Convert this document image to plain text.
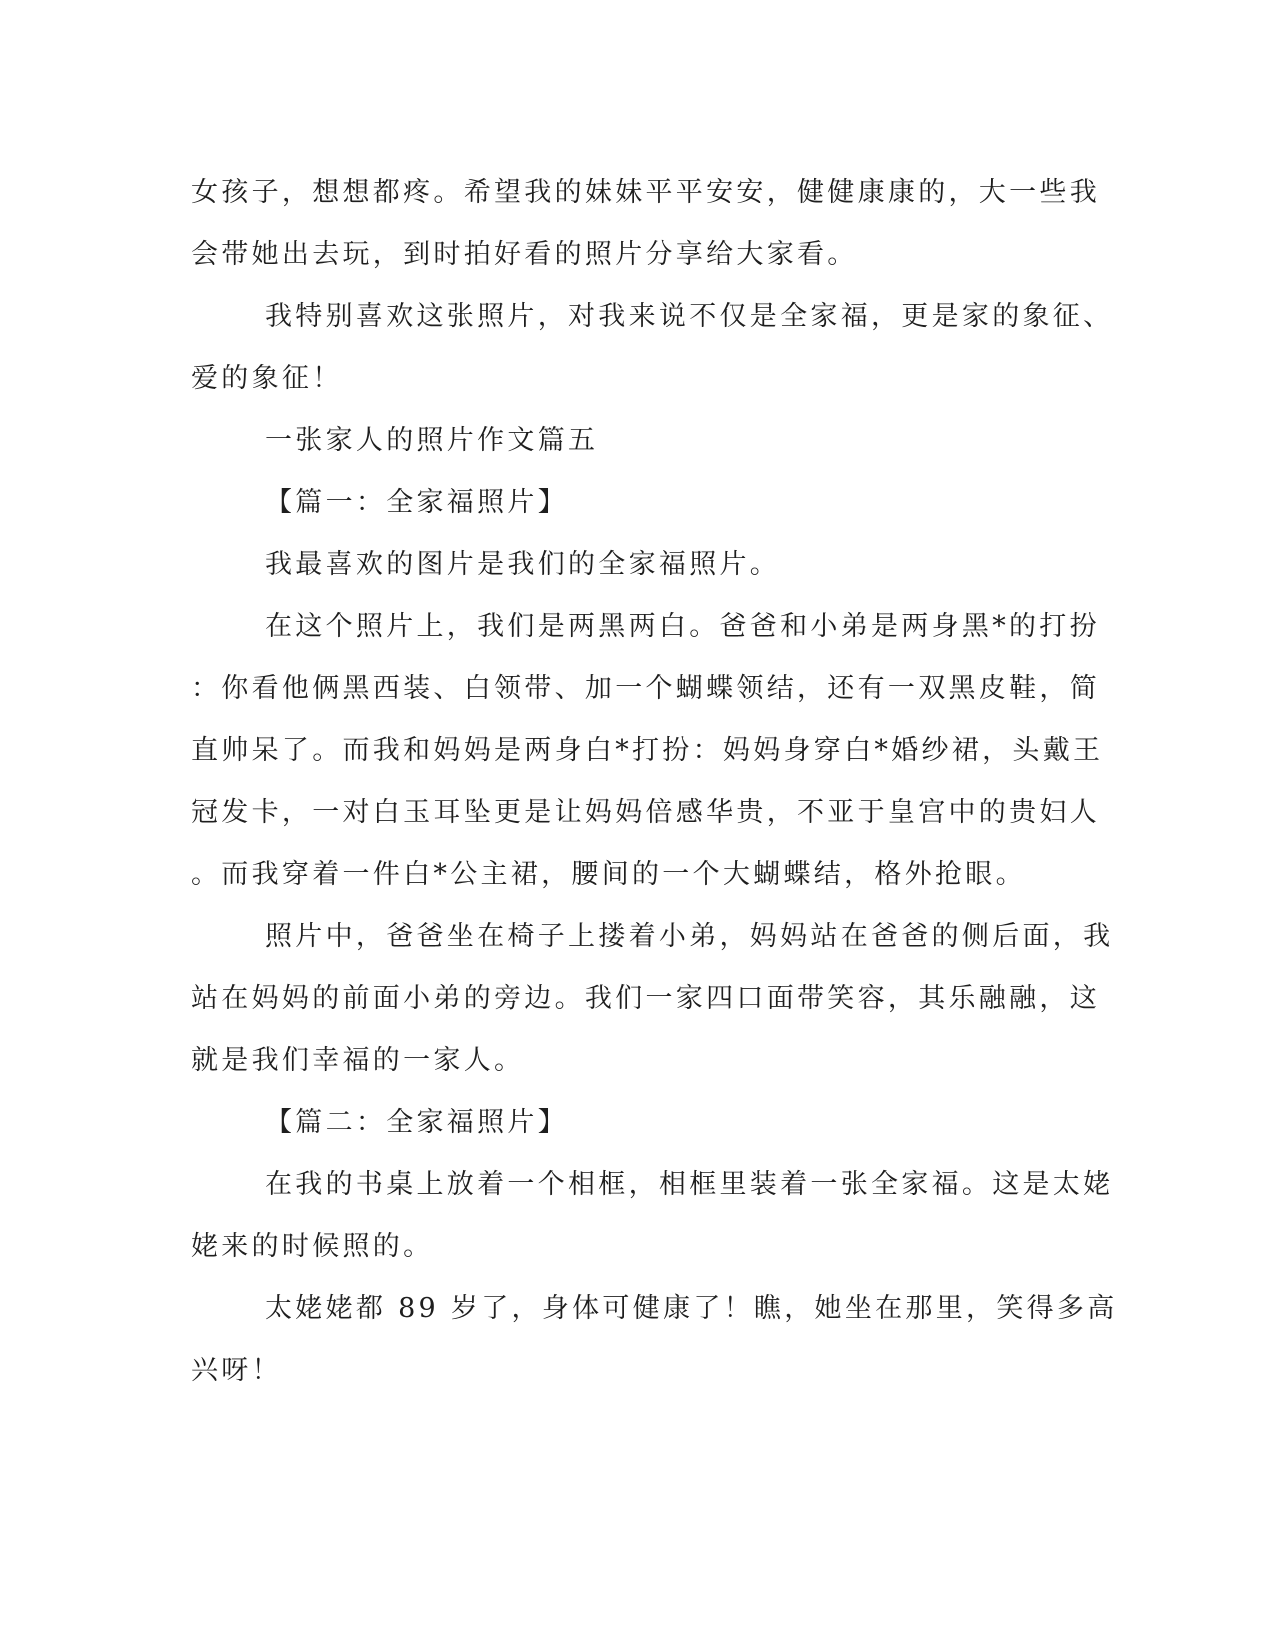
女孩子，想想都疼。希望我的妹妹平平安安，健健康康的，大一些我
会带她出去玩，到时拍好看的照片分享给大家看。
我特别喜欢这张照片，对我来说不仅是全家福，更是家的象征、
爱的象征！
一张家人的照片作文篇五
【篇一：全家福照片】
我最喜欢的图片是我们的全家福照片。
在这个照片上，我们是两黑两白。爸爸和小弟是两身黑*的打扮
：你看他俩黑西装、白领带、加一个蝴蝶领结，还有一双黑皮鞋，简
直帅呆了。而我和妈妈是两身白*打扮：妈妈身穿白*婚纱裙，头戴王
冠发卡，一对白玉耳坠更是让妈妈倍感华贵，不亚于皇宫中的贵妇人
。而我穿着一件白*公主裙，腰间的一个大蝴蝶结，格外抢眼。
照片中，爸爸坐在椅子上搂着小弟，妈妈站在爸爸的侧后面，我
站在妈妈的前面小弟的旁边。我们一家四口面带笑容，其乐融融，这
就是我们幸福的一家人。
【篇二：全家福照片】
在我的书桌上放着一个相框，相框里装着一张全家福。这是太姥
姥来的时候照的。
太姥姥都 89 岁了，身体可健康了！瞧，她坐在那里，笑得多高
兴呀！
